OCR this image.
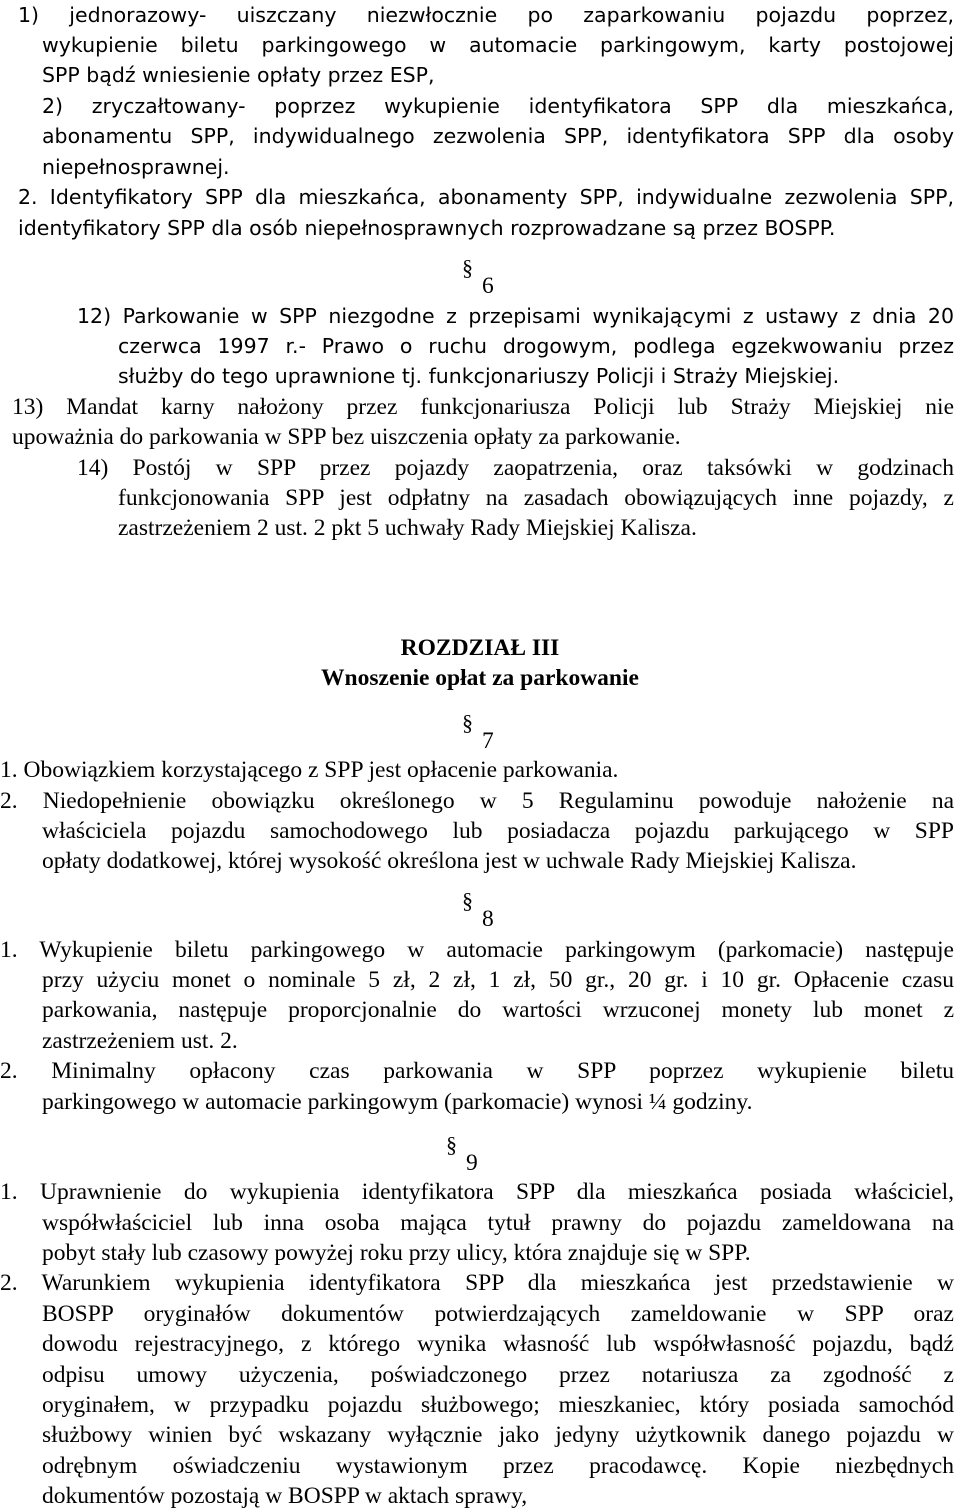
1) jednorazowy- uiszczany niezwłocznie po zaparkowaniu pojazdu poprzez,

wykupienie biletu parkingowego w automacie parkingowym, karty postojowej

SPP bądź wniesienie opłaty przez ESP,

2) zryczałtowany- poprzez wykupienie identyfikatora SPP dla mieszkańca,

abonamentu SPP, indywidualnego zezwolenia SPP, identyfikatora SPP dla osoby

niepełnosprawnej.

2. Identyfikatory SPP dla mieszkańca, abonamenty SPP, indywidualne zezwolenia SPP,

identyfikatory SPP dla osób niepełnosprawnych rozprowadzane są przez BOSPP.

§
6

12) Parkowanie w SPP niezgodne z przepisami wynikającymi z ustawy z dnia 20

czerwca 1997 r.- Prawo o ruchu drogowym, podlega egzekwowaniu przez

służby do tego uprawnione tj. funkcjonariuszy Policji i Straży Miejskiej.

13) Mandat karny nałożony przez funkcjonariusza Policji lub Straży Miejskiej nie

upoważnia do parkowania w SPP bez uiszczenia opłaty za parkowanie.

14) Postój w SPP przez pojazdy zaopatrzenia, oraz taksówki w godzinach

funkcjonowania SPP jest odpłatny na zasadach obowiązujących inne pojazdy, z

zastrzeżeniem 2 ust. 2 pkt 5 uchwały Rady Miejskiej Kalisza.

ROZDZIAŁ III

Wnoszenie opłat za parkowanie

§
7

1. Obowiązkiem korzystającego z SPP jest opłacenie parkowania.

2. Niedopełnienie obowiązku określonego w 5 Regulaminu powoduje nałożenie na

właściciela pojazdu samochodowego lub posiadacza pojazdu parkującego w SPP

opłaty dodatkowej, której wysokość określona jest w uchwale Rady Miejskiej Kalisza.

§
8

1. Wykupienie biletu parkingowego w automacie parkingowym (parkomacie) następuje

przy użyciu monet o nominale 5 zł, 2 zł, 1 zł, 50 gr., 20 gr. i 10 gr. Opłacenie czasu

parkowania, następuje proporcjonalnie do wartości wrzuconej monety lub monet z

zastrzeżeniem ust. 2.

2. Minimalny opłacony czas parkowania w SPP poprzez wykupienie biletu

parkingowego w automacie parkingowym (parkomacie) wynosi ¼ godziny.

§
9

1. Uprawnienie do wykupienia identyfikatora SPP dla mieszkańca posiada właściciel,

współwłaściciel lub inna osoba mająca tytuł prawny do pojazdu zameldowana na

pobyt stały lub czasowy powyżej roku przy ulicy, która znajduje się w SPP.

2. Warunkiem wykupienia identyfikatora SPP dla mieszkańca jest przedstawienie w

BOSPP oryginałów dokumentów potwierdzających zameldowanie w SPP oraz

dowodu rejestracyjnego, z którego wynika własność lub współwłasność pojazdu, bądź

odpisu umowy użyczenia, poświadczonego przez notariusza za zgodność z

oryginałem, w przypadku pojazdu służbowego; mieszkaniec, który posiada samochód

służbowy winien być wskazany wyłącznie jako jedyny użytkownik danego pojazdu w

odrębnym oświadczeniu wystawionym przez pracodawcę. Kopie niezbędnych

dokumentów pozostają w BOSPP w aktach sprawy,
